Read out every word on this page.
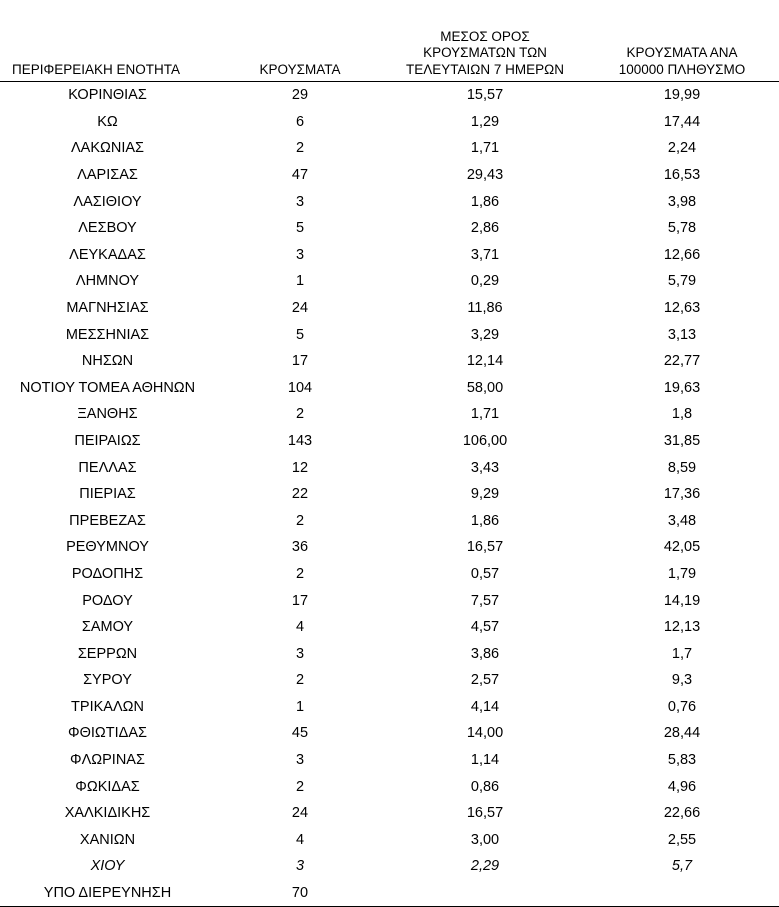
ΠΕΡΙΦΕΡΕΙΑΚΗ ΕΝΟΤΗΤΑ	ΚΡΟΥΣΜΑΤΑ	ΜΕΣΟΣ ΟΡΟΣ
ΚΡΟΥΣΜΑΤΩΝ ΤΩΝ
ΤΕΛΕΥΤΑΙΩΝ 7 ΗΜΕΡΩΝ	ΚΡΟΥΣΜΑΤΑ ΑΝΑ
100000 ΠΛΗΘΥΣΜΟ

ΚΟΡΙΝΘΙΑΣ	29	15,57	19,99
ΚΩ	6	1,29	17,44
ΛΑΚΩΝΙΑΣ	2	1,71	2,24
ΛΑΡΙΣΑΣ	47	29,43	16,53
ΛΑΣΙΘΙΟΥ	3	1,86	3,98
ΛΕΣΒΟΥ	5	2,86	5,78
ΛΕΥΚΑΔΑΣ	3	3,71	12,66
ΛΗΜΝΟΥ	1	0,29	5,79
ΜΑΓΝΗΣΙΑΣ	24	11,86	12,63
ΜΕΣΣΗΝΙΑΣ	5	3,29	3,13
ΝΗΣΩΝ	17	12,14	22,77
ΝΟΤΙΟΥ ΤΟΜΕΑ ΑΘΗΝΩΝ	104	58,00	19,63
ΞΑΝΘΗΣ	2	1,71	1,8
ΠΕΙΡΑΙΩΣ	143	106,00	31,85
ΠΕΛΛΑΣ	12	3,43	8,59
ΠΙΕΡΙΑΣ	22	9,29	17,36
ΠΡΕΒΕΖΑΣ	2	1,86	3,48
ΡΕΘΥΜΝΟΥ	36	16,57	42,05
ΡΟΔΟΠΗΣ	2	0,57	1,79
ΡΟΔΟΥ	17	7,57	14,19
ΣΑΜΟΥ	4	4,57	12,13
ΣΕΡΡΩΝ	3	3,86	1,7
ΣΥΡΟΥ	2	2,57	9,3
ΤΡΙΚΑΛΩΝ	1	4,14	0,76
ΦΘΙΩΤΙΔΑΣ	45	14,00	28,44
ΦΛΩΡΙΝΑΣ	3	1,14	5,83
ΦΩΚΙΔΑΣ	2	0,86	4,96
ΧΑΛΚΙΔΙΚΗΣ	24	16,57	22,66
ΧΑΝΙΩΝ	4	3,00	2,55
ΧΙΟΥ	3	2,29	5,7
ΥΠΟ ΔΙΕΡΕΥΝΗΣΗ	70		
